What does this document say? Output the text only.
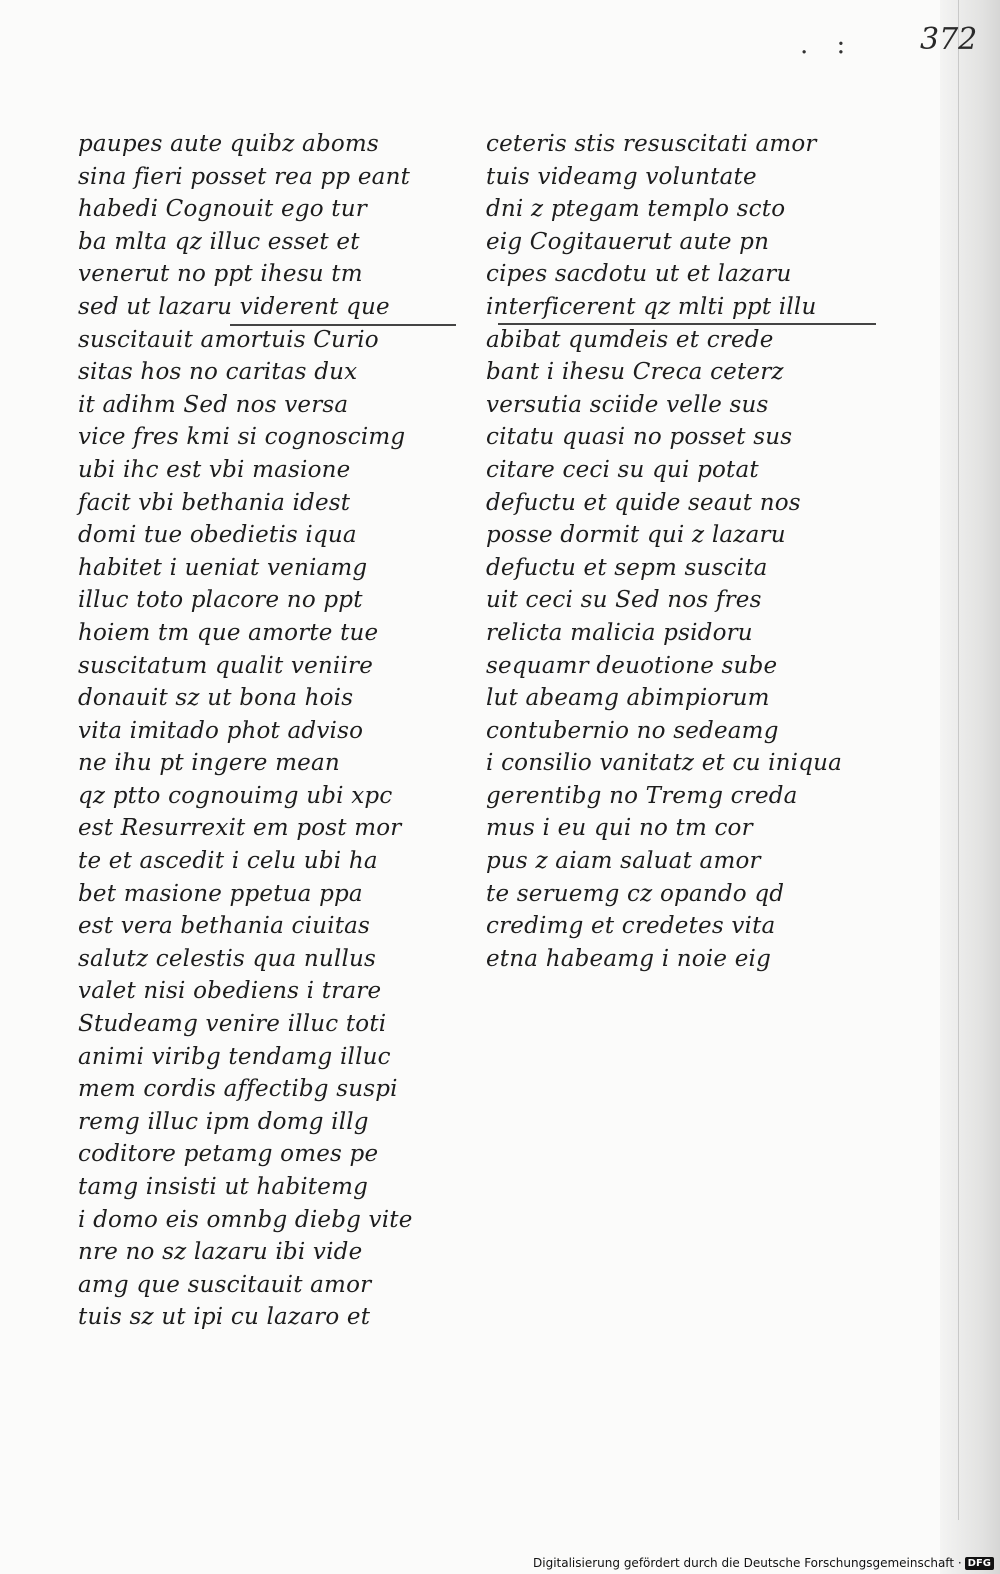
. : 372
paupes aute quibz aboms
sina fieri posset rea pp eant
habedi Cognouit ego tur
ba mlta qz illuc esset et
venerut no ppt ihesu tm
sed ut lazaru viderent que
suscitauit amortuis Curio
sitas hos no caritas dux
it adihm Sed nos versa
vice fres kmi si cognoscimg
ubi ihc est vbi masione
facit vbi bethania idest
domi tue obedietis iqua
habitet i ueniat veniamg
illuc toto placore no ppt
hoiem tm que amorte tue
suscitatum qualit veniire
donauit sz ut bona hois
vita imitado phot adviso
ne ihu pt ingere mean
qz ptto cognouimg ubi xpc
est Resurrexit em post mor
te et ascedit i celu ubi ha
bet masione ppetua ppa
est vera bethania ciuitas
salutz celestis qua nullus
valet nisi obediens i trare
Studeamg venire illuc toti
animi viribg tendamg illuc
mem cordis affectibg suspi
remg illuc ipm domg illg
coditore petamg omes pe
tamg insisti ut habitemg
i domo eis omnbg diebg vite
nre no sz lazaru ibi vide
amg que suscitauit amor
tuis sz ut ipi cu lazaro et
ceteris stis resuscitati amor
tuis videamg voluntate
dni z ptegam templo scto
eig Cogitauerut aute pn
cipes sacdotu ut et lazaru
interficerent qz mlti ppt illu
abibat qumdeis et crede
bant i ihesu Creca ceterz
versutia sciide velle sus
citatu quasi no posset sus
citare ceci su qui potat
defuctu et quide seaut nos
posse dormit qui z lazaru
defuctu et sepm suscita
uit ceci su Sed nos fres
relicta malicia psidoru
sequamr deuotione sube
lut abeamg abimpiorum
contubernio no sedeamg
i consilio vanitatz et cu iniqua
gerentibg no Tremg creda
mus i eu qui no tm cor
pus z aiam saluat amor
te seruemg cz opando qd
credimg et credetes vita
etna habeamg i noie eig
Digitalisierung gefördert durch die Deutsche Forschungsgemeinschaft · DFG
